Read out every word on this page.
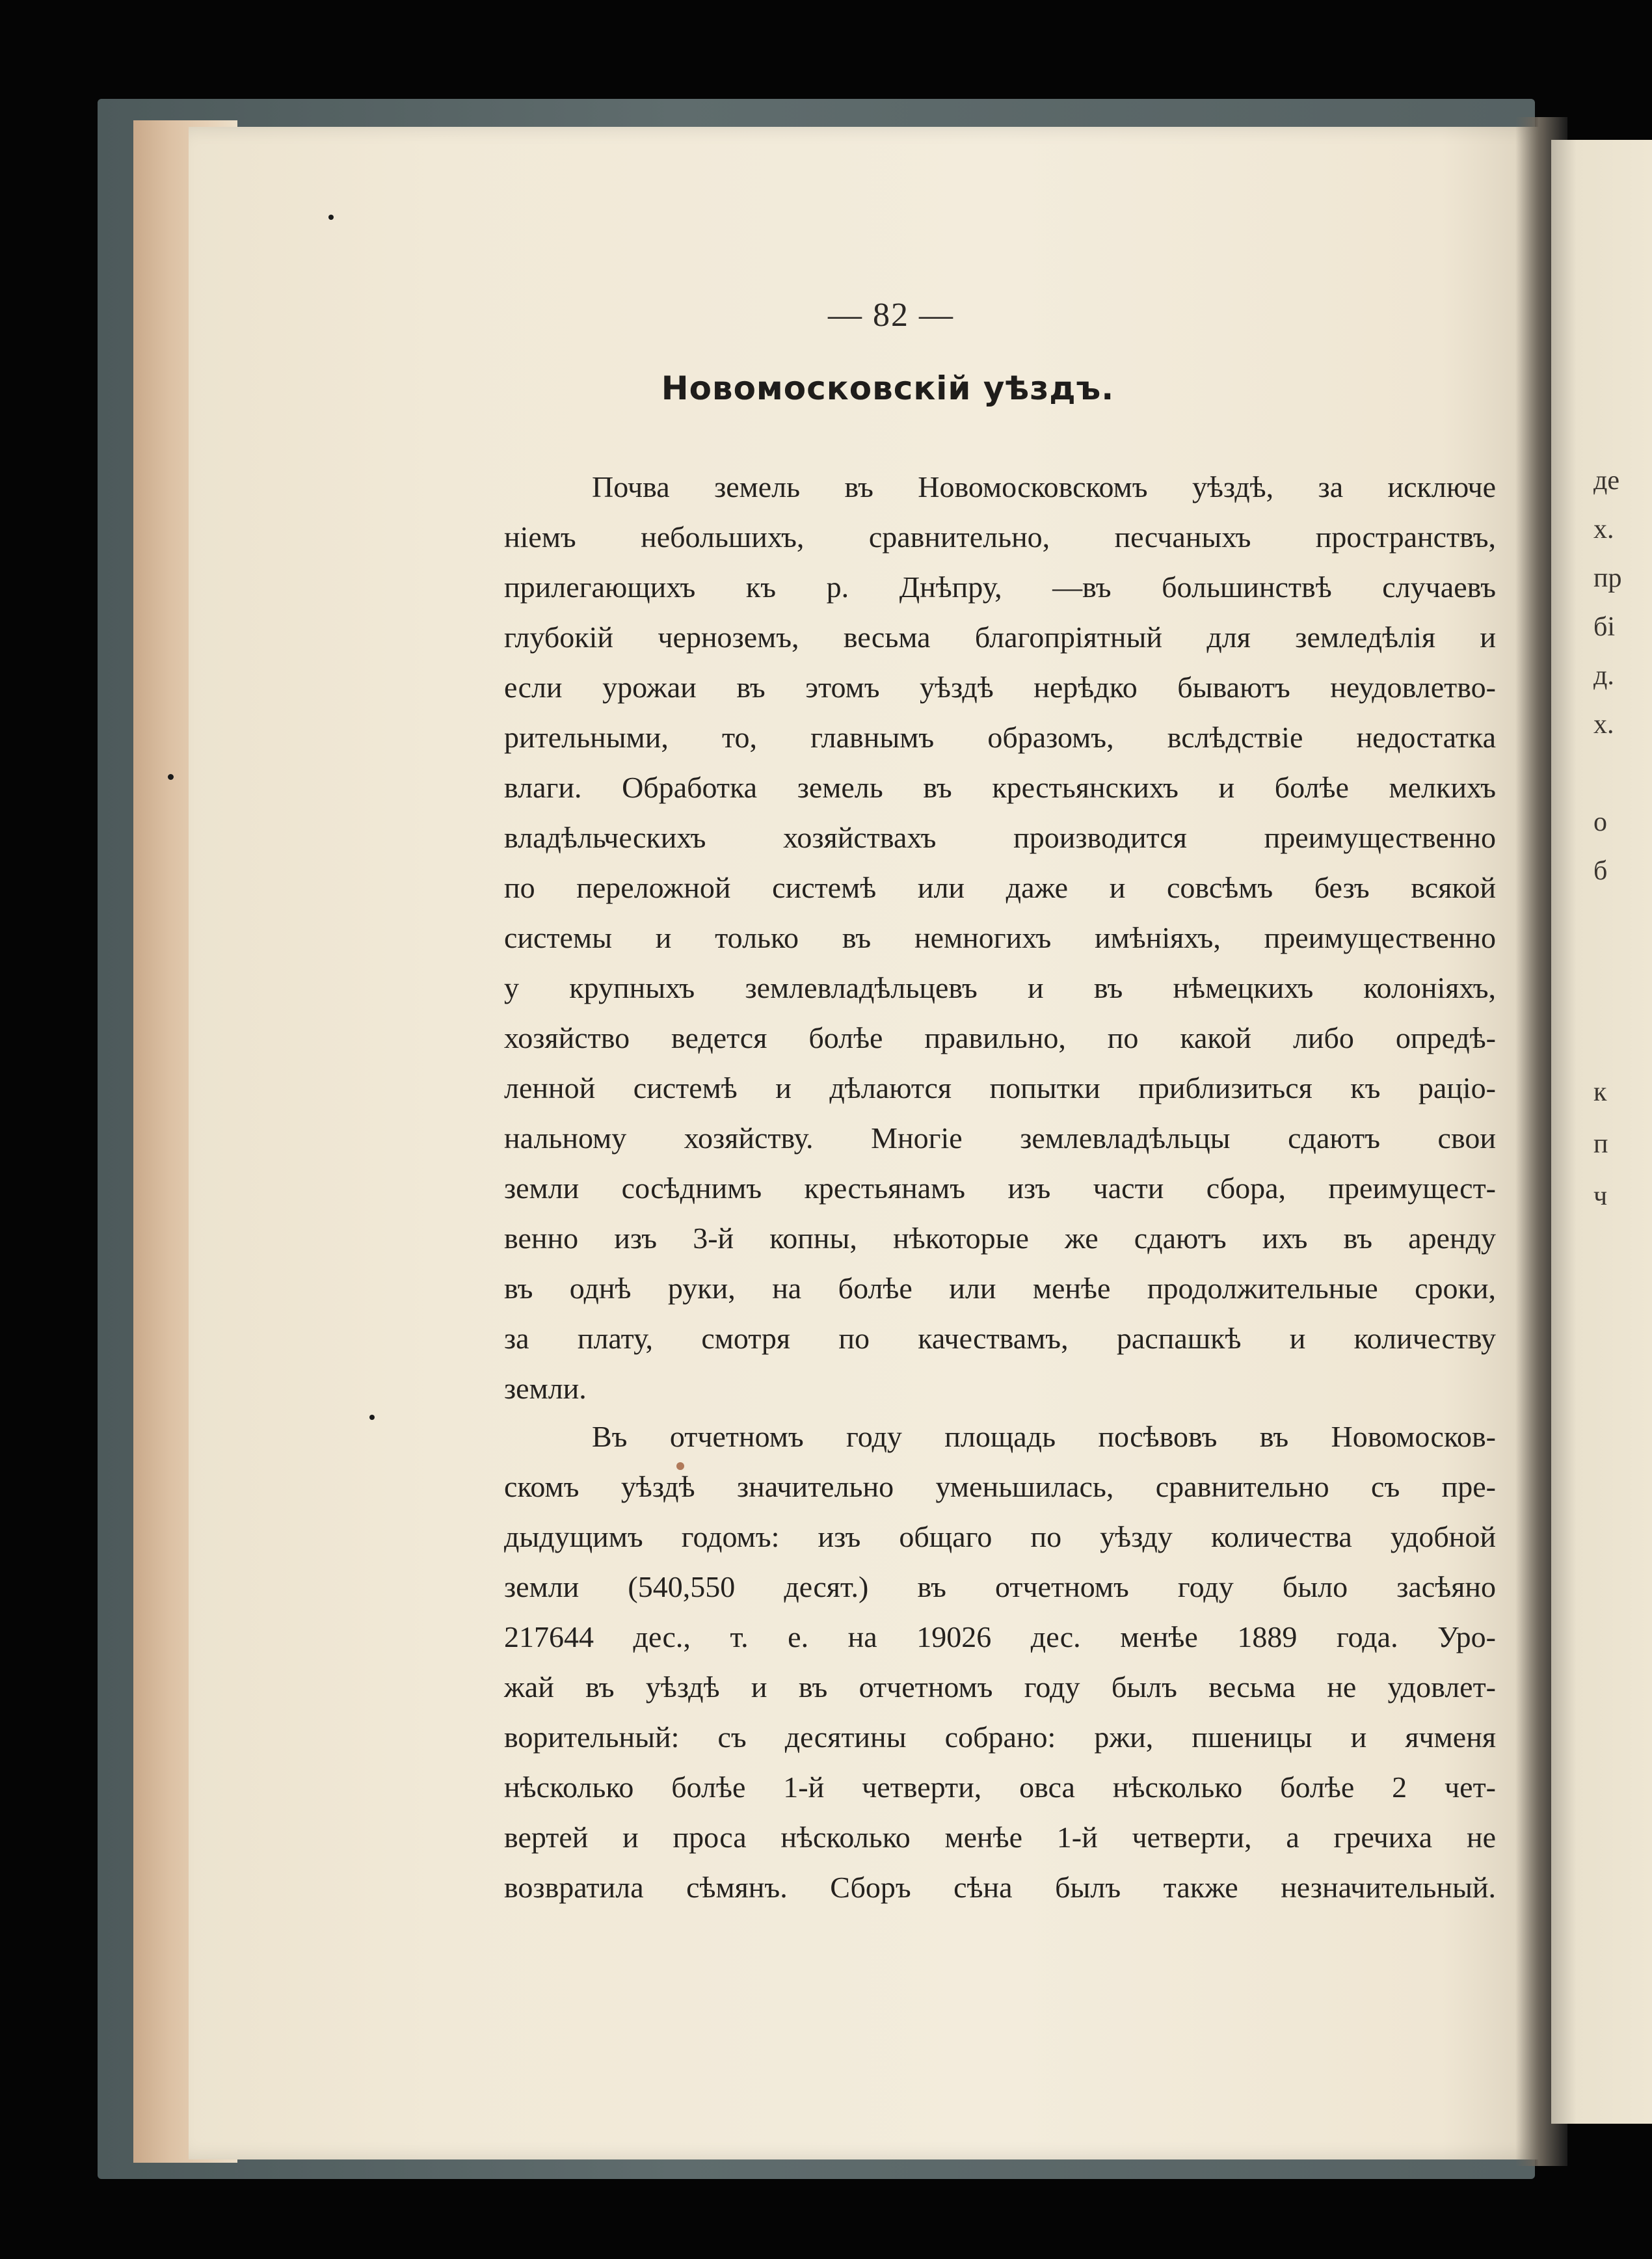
де
х.
пр
бі
д.
х.
о
б
к
п
ч
— 82 —
Новомосковскій уѣздъ.
Почва земель въ Новомосковскомъ уѣздѣ, за исключе
ніемъ небольшихъ, сравнительно, песчаныхъ пространствъ,
прилегающихъ къ р. Днѣпру, —въ большинствѣ случаевъ
глубокій черноземъ, весьма благопріятный для земледѣлія и
если урожаи въ этомъ уѣздѣ нерѣдко бываютъ неудовлетво-
рительными, то, главнымъ образомъ, вслѣдствіе недостатка
влаги. Обработка земель въ крестьянскихъ и болѣе мелкихъ
владѣльческихъ хозяйствахъ производится преимущественно
по переложной системѣ или даже и совсѣмъ безъ всякой
системы и только въ немногихъ имѣніяхъ, преимущественно
у крупныхъ землевладѣльцевъ и въ нѣмецкихъ колоніяхъ,
хозяйство ведется болѣе правильно, по какой либо опредѣ-
ленной системѣ и дѣлаются попытки приблизиться къ раціо-
нальному хозяйству. Многіе землевладѣльцы сдаютъ свои
земли сосѣднимъ крестьянамъ изъ части сбора, преимущест-
венно изъ 3-й копны, нѣкоторые же сдаютъ ихъ въ аренду
въ однѣ руки, на болѣе или менѣе продолжительные сроки,
за плату, смотря по качествамъ, распашкѣ и количеству
земли.
Въ отчетномъ году площадь посѣвовъ въ Новомосков-
скомъ уѣздѣ значительно уменьшилась, сравнительно съ пре-
дыдущимъ годомъ: изъ общаго по уѣзду количества удобной
земли (540,550 десят.) въ отчетномъ году было засѣяно
217644 дес., т. е. на 19026 дес. менѣе 1889 года. Уро-
жай въ уѣздѣ и въ отчетномъ году былъ весьма не удовлет-
ворительный: съ десятины собрано: ржи, пшеницы и ячменя
нѣсколько болѣе 1-й четверти, овса нѣсколько болѣе 2 чет-
вертей и проса нѣсколько менѣе 1-й четверти, а гречиха не
возвратила сѣмянъ. Сборъ сѣна былъ также незначительный.
